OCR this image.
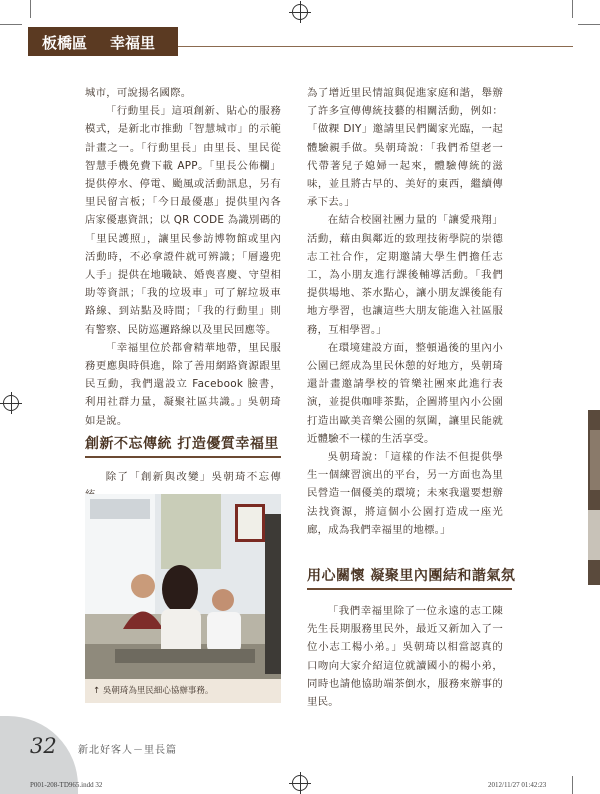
板橋區 幸福里

城市，可說揚名國際。

「行動里長」這項創新、貼心的服務模式，是新北市推動「智慧城市」的示範計畫之一。「行動里長」由里長、里民從智慧手機免費下載 APP。「里長公佈欄」提供停水、停電、颱風或活動訊息，另有里民留言板；「今日最優惠」提供里內各店家優惠資訊；以 QR CODE 為識別碼的「里民護照」，讓里民參訪博物館或里內活動時，不必拿證件就可辨識；「層邊兜人手」提供在地職缺、婚喪喜慶、守望相助等資訊；「我的垃圾車」可了解垃圾車路線、到站點及時間；「我的行動里」則有警察、民防巡邏路線以及里民回應等。

「幸福里位於都會精華地帶，里民服務更應與時俱進，除了善用網路資源跟里民互動，我們還設立 Facebook 臉書，利用社群力量，凝聚社區共識。」吳朝琦如是說。

創新不忘傳統 打造優質幸福里
除了「創新與改變」吳朝琦不忘傳
↑ 吳朝琦為里民細心協辦事務。

為了增近里民情誼與促進家庭和諧，舉辦了許多宣傳傳統技藝的相關活動，例如：「做粿 DIY」邀請里民們闔家光臨，一起體驗親手做。吳朝琦說：「我們希望老一代帶著兒子媳婦一起來，體驗傳統的滋味，並且將古早的、美好的東西，繼續傳承下去。」

在結合校園社團力量的「讓愛飛翔」活動，藉由與鄰近的致理技術學院的崇德志工社合作，定期邀請大學生們擔任志工，為小朋友進行課後輔導活動。「我們提供場地、茶水點心，讓小朋友課後能有地方學習，也讓這些大朋友能進入社區服務，互相學習。」

在環境建設方面，整頓過後的里內小公園已經成為里民休憩的好地方，吳朝琦還計畫邀請學校的管樂社團來此進行表演，並提供咖啡茶點，企圖將里內小公園打造出歐美音樂公園的氛圍，讓里民能就近體驗不一樣的生活享受。

吳朝琦說：「這樣的作法不但提供學生一個練習演出的平台，另一方面也為里民營造一個優美的環境；未來我還要想辦法找資源，將這個小公園打造成一座光廊，成為我們幸福里的地標。」

用心關懷 凝聚里內團結和諧氣氛
「我們幸福里除了一位永遠的志工陳先生長期服務里民外，最近又新加入了一位小志工楊小弟。」吳朝琦以相當認真的口吻向大家介紹這位就讀國小的楊小弟，同時也請他協助端茶倒水，服務來辦事的里民。
32 新北好客人－里長篇
P001-208-TD965.indd 32	2012/11/27 01:42:23
